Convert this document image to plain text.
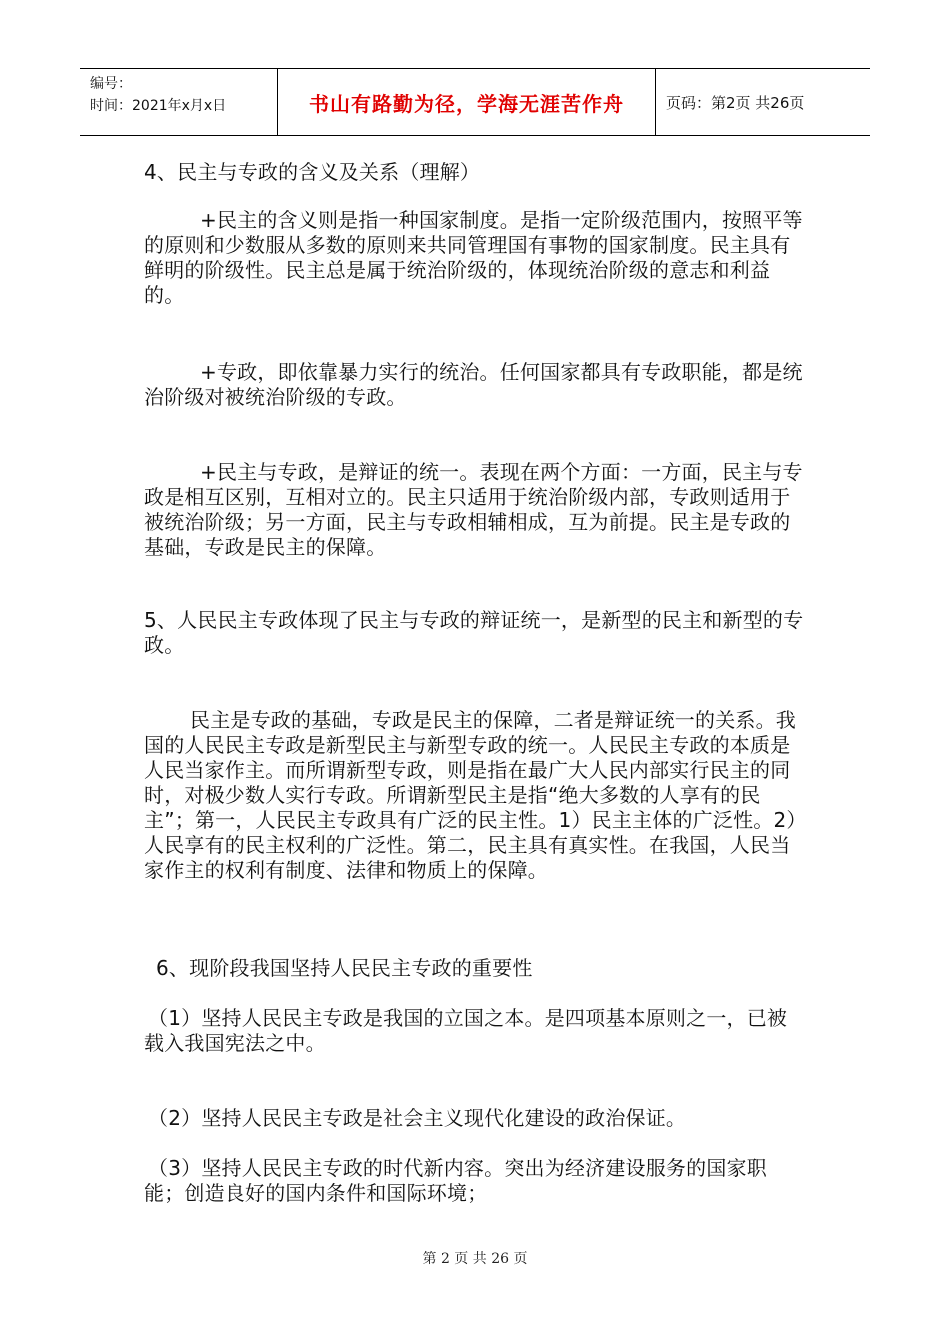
编号：
时间：2021年x月x日	书山有路勤为径，学海无涯苦作舟	页码：第2页 共26页

4、民主与专政的含义及关系（理解）

+民主的含义则是指一种国家制度。是指一定阶级范围内，按照平等的原则和少数服从多数的原则来共同管理国有事物的国家制度。民主具有鲜明的阶级性。民主总是属于统治阶级的，体现统治阶级的意志和利益的。

+专政，即依靠暴力实行的统治。任何国家都具有专政职能，都是统治阶级对被统治阶级的专政。

+民主与专政，是辩证的统一。表现在两个方面：一方面，民主与专政是相互区别，互相对立的。民主只适用于统治阶级内部，专政则适用于被统治阶级；另一方面，民主与专政相辅相成，互为前提。民主是专政的基础，专政是民主的保障。

5、人民民主专政体现了民主与专政的辩证统一，是新型的民主和新型的专政。

民主是专政的基础，专政是民主的保障，二者是辩证统一的关系。我国的人民民主专政是新型民主与新型专政的统一。人民民主专政的本质是人民当家作主。而所谓新型专政，则是指在最广大人民内部实行民主的同时，对极少数人实行专政。所谓新型民主是指“绝大多数的人享有的民主”；第一，人民民主专政具有广泛的民主性。1）民主主体的广泛性。2）人民享有的民主权利的广泛性。第二，民主具有真实性。在我国，人民当家作主的权利有制度、法律和物质上的保障。

6、现阶段我国坚持人民民主专政的重要性

（1）坚持人民民主专政是我国的立国之本。是四项基本原则之一，已被载入我国宪法之中。

（2）坚持人民民主专政是社会主义现代化建设的政治保证。

（3）坚持人民民主专政的时代新内容。突出为经济建设服务的国家职能；创造良好的国内条件和国际环境；

第 2 页 共 26 页
